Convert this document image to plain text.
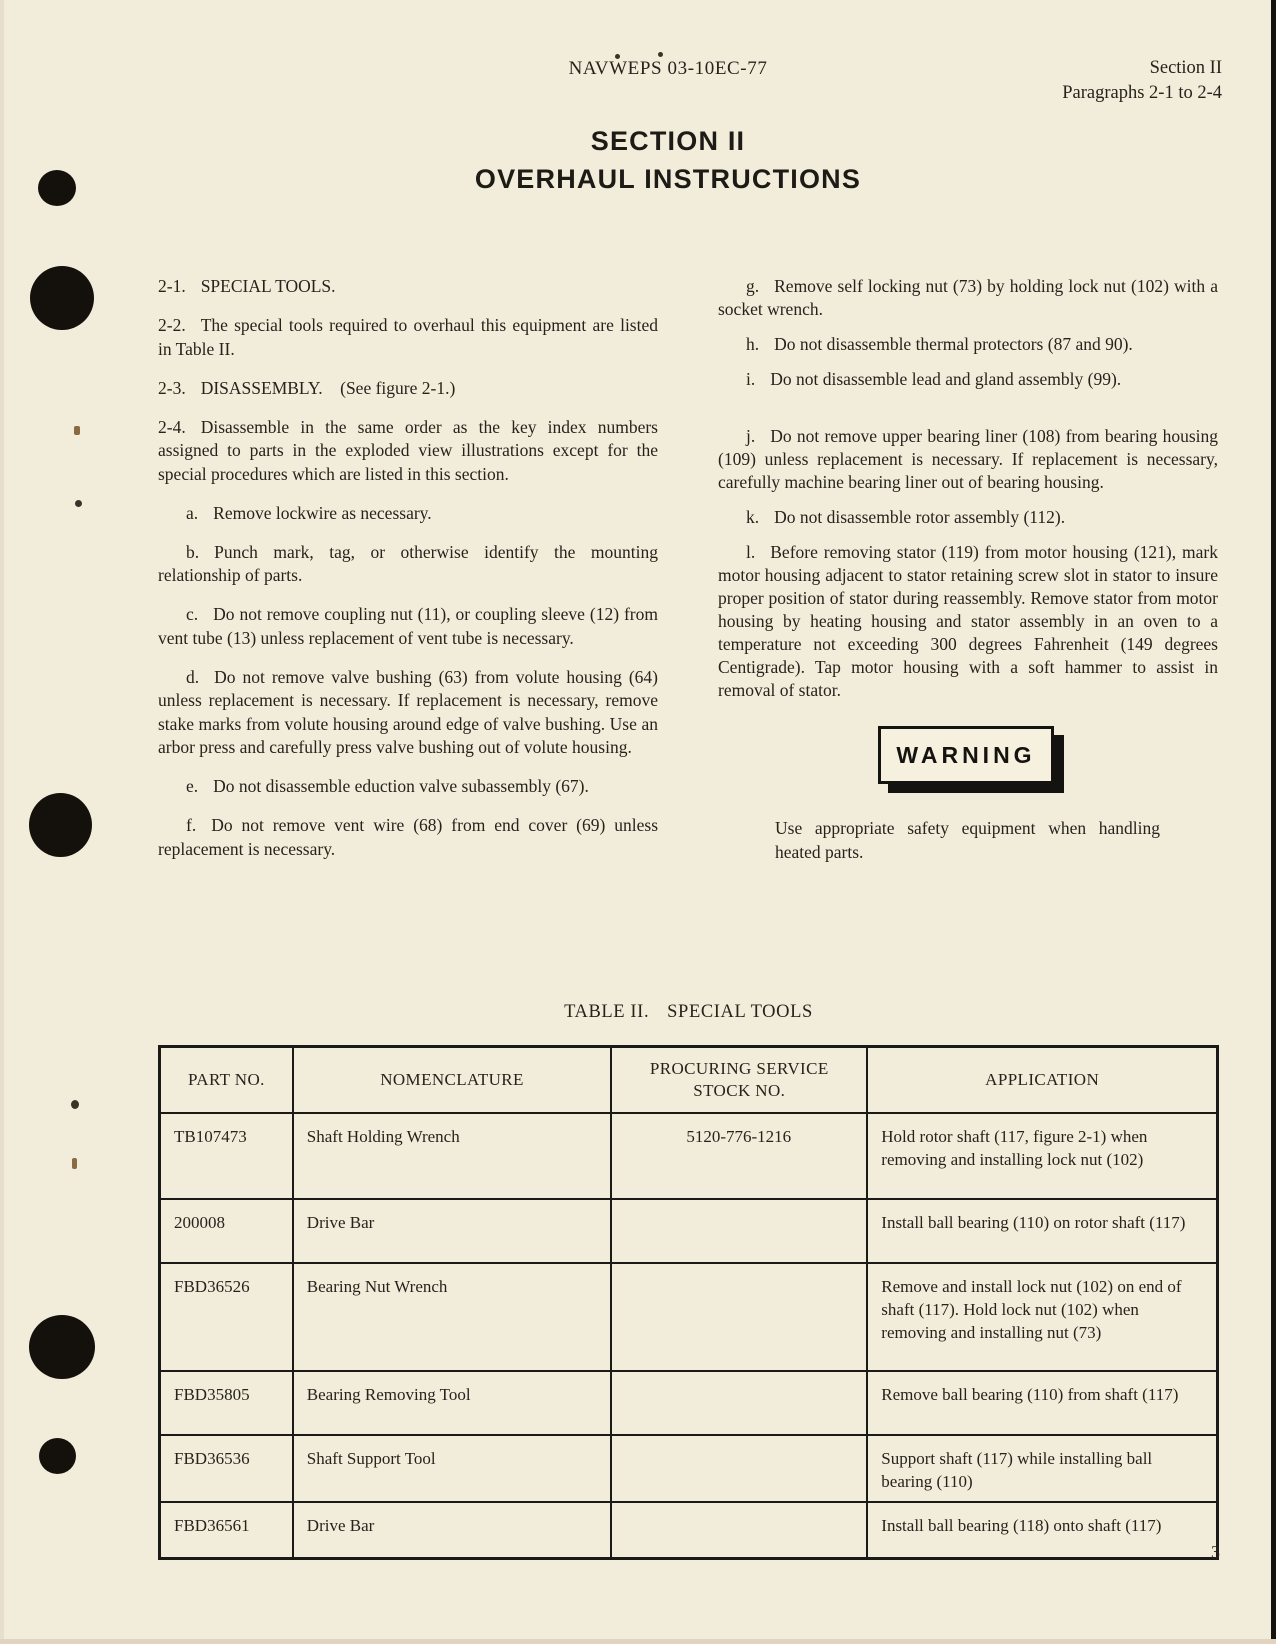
NAVWEPS 03-10EC-77	Section II
Paragraphs 2-1 to 2-4
SECTION II
OVERHAUL INSTRUCTIONS

2-1. SPECIAL TOOLS.

2-2. The special tools required to overhaul this equipment are listed in Table II.

2-3. DISASSEMBLY. (See figure 2-1.)

2-4. Disassemble in the same order as the key index numbers assigned to parts in the exploded view illustrations except for the special procedures which are listed in this section.

a. Remove lockwire as necessary.

b. Punch mark, tag, or otherwise identify the mounting relationship of parts.

c. Do not remove coupling nut (11), or coupling sleeve (12) from vent tube (13) unless replacement of vent tube is necessary.

d. Do not remove valve bushing (63) from volute housing (64) unless replacement is necessary. If replacement is necessary, remove stake marks from volute housing around edge of valve bushing. Use an arbor press and carefully press valve bushing out of volute housing.

e. Do not disassemble eduction valve subassembly (67).

f. Do not remove vent wire (68) from end cover (69) unless replacement is necessary.

g. Remove self locking nut (73) by holding lock nut (102) with a socket wrench.

h. Do not disassemble thermal protectors (87 and 90).

i. Do not disassemble lead and gland assembly (99).

j. Do not remove upper bearing liner (108) from bearing housing (109) unless replacement is necessary. If replacement is necessary, carefully machine bearing liner out of bearing housing.

k. Do not disassemble rotor assembly (112).

l. Before removing stator (119) from motor housing (121), mark motor housing adjacent to stator retaining screw slot in stator to insure proper position of stator during reassembly. Remove stator from motor housing by heating housing and stator assembly in an oven to a temperature not exceeding 300 degrees Fahrenheit (149 degrees Centigrade). Tap motor housing with a soft hammer to assist in removal of stator.

WARNING
Use appropriate safety equipment when handling heated parts.
TABLE II. SPECIAL TOOLS
PART NO.	NOMENCLATURE	PROCURING SERVICE STOCK NO.	APPLICATION
TB107473	Shaft Holding Wrench	5120-776-1216	Hold rotor shaft (117, figure 2-1) when removing and installing lock nut (102)
200008	Drive Bar		Install ball bearing (110) on rotor shaft (117)
FBD36526	Bearing Nut Wrench		Remove and install lock nut (102) on end of shaft (117). Hold lock nut (102) when removing and installing nut (73)
FBD35805	Bearing Removing Tool		Remove ball bearing (110) from shaft (117)
FBD36536	Shaft Support Tool		Support shaft (117) while installing ball bearing (110)
FBD36561	Drive Bar		Install ball bearing (118) onto shaft (117)
3
